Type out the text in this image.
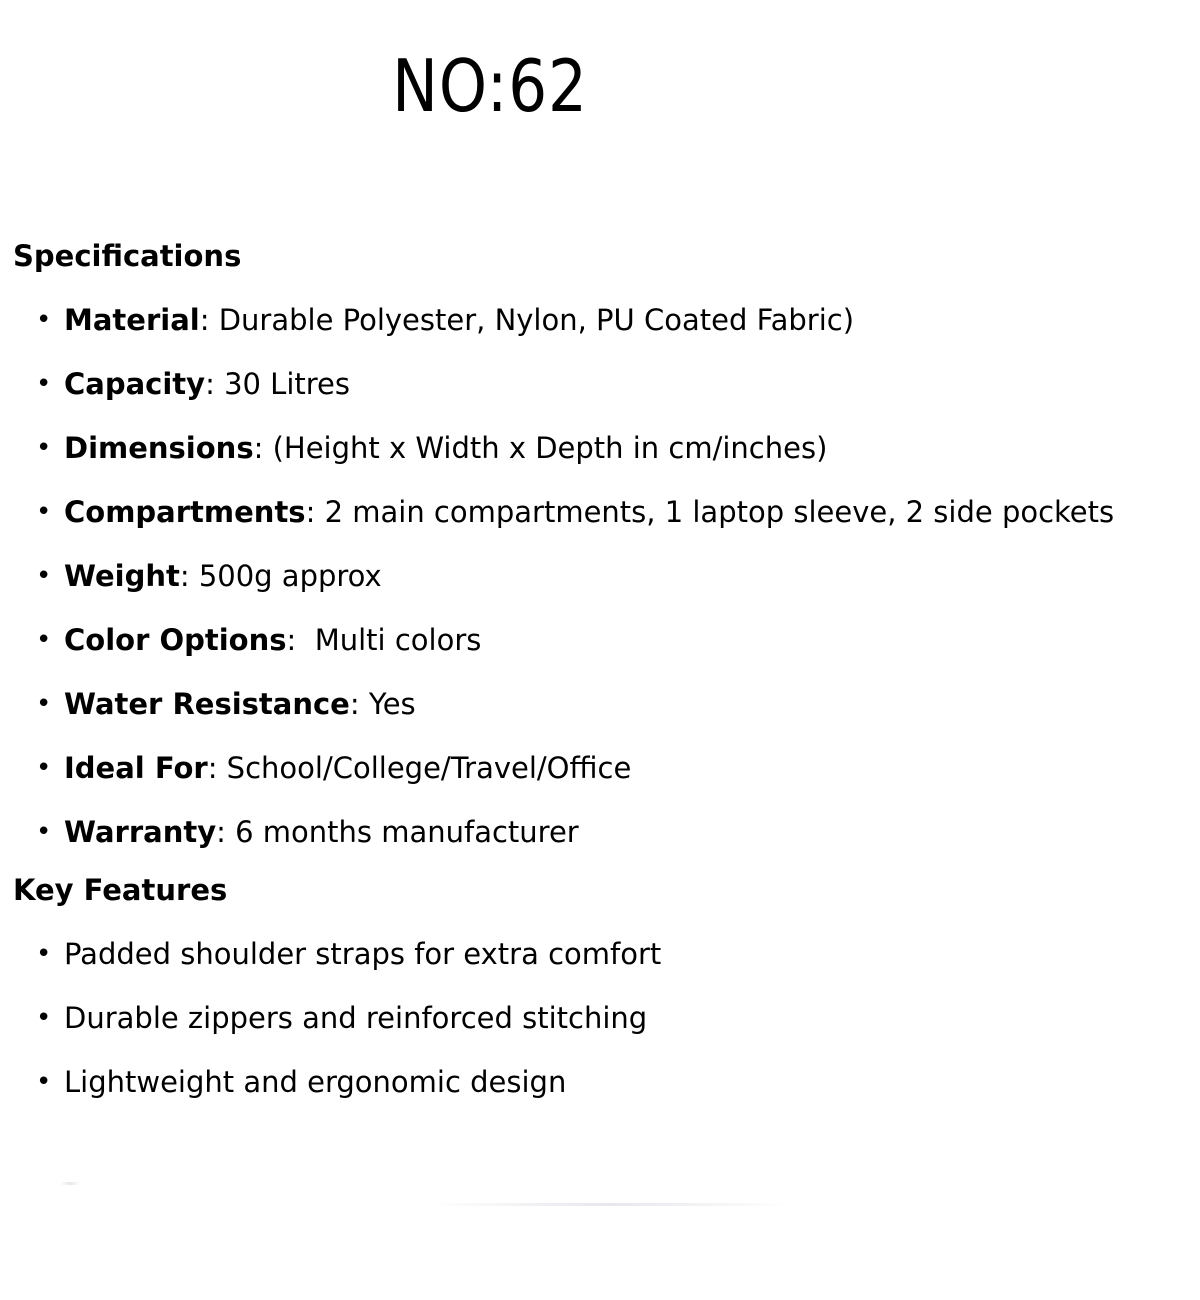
NO:62
Specifications
• Material : Durable Polyester, Nylon, PU Coated Fabric)
• Capacity : 30 Litres
• Dimensions : (Height x Width x Depth in cm/inches)
• Compartments : 2 main compartments, 1 laptop sleeve, 2 side pockets
• Weight : 500g approx
• Color Options :  Multi colors
• Water Resistance : Yes
• Ideal For : School/College/Travel/Office
• Warranty : 6 months manufacturer
Key Features
• Padded shoulder straps for extra comfort
• Durable zippers and reinforced stitching
• Lightweight and ergonomic design
